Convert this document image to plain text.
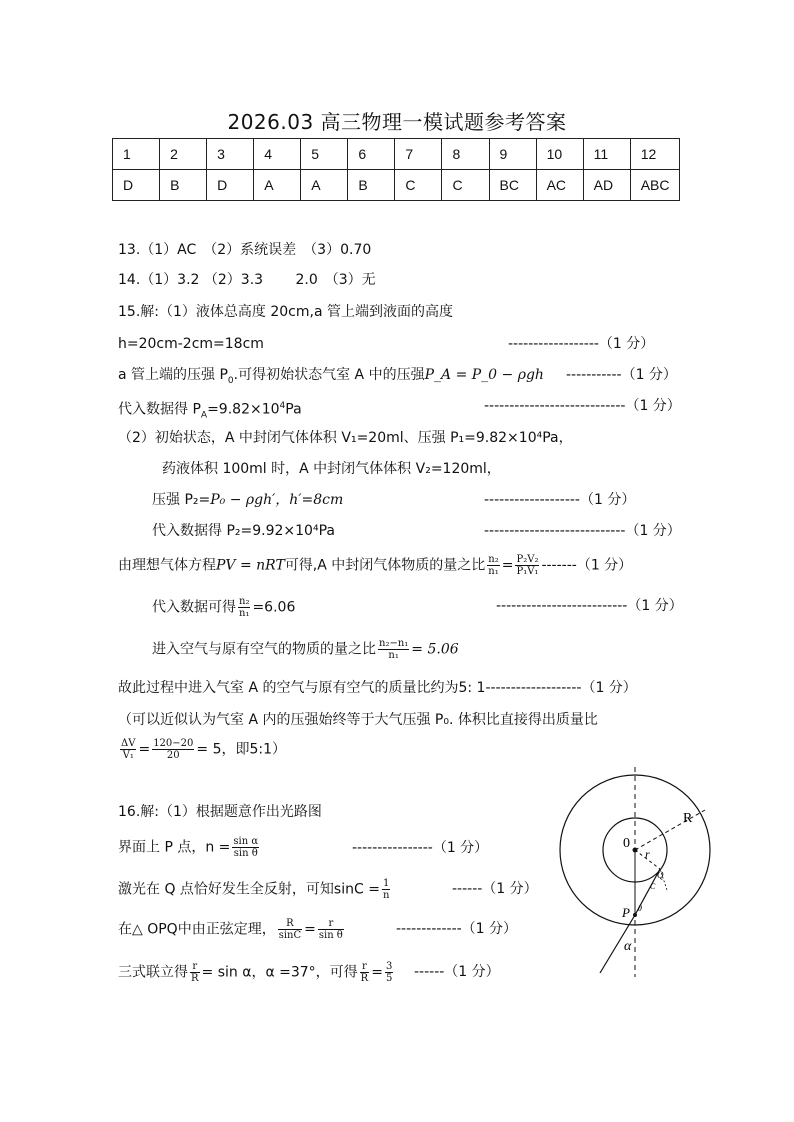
2026.03 高三物理一模试题参考答案
1	2	3	4	5	6	7	8	9	10	11	12
D	B	D	A	A	B	C	C	BC	AC	AD	ABC
13.（1）AC　（2）系统误差　（3）0.70
14.（1）3.2 （2）3.3　　 2.0　（3）无
15.解:（1）液体总高度 20cm,a 管上端到液面的高度
h=20cm-2cm=18cm	------------------（1 分）
a 管上端的压强 $P_0$.可得初始状态气室 A 中的压强P_A = P_0 − ρgh -----------（1 分）
代入数据得 $P_A=9.82\times 10^4Pa$	----------------------------（1 分）
（2）初始状态，A 中封闭气体体积 V₁=20ml、压强 P₁=9.82×10⁴Pa，
药液体积 100ml 时，A 中封闭气体体积 V₂=120ml，
压强 P₂=P₀ − ρgh′，h′=8cm	-------------------（1 分）
代入数据得 P₂=9.92×10⁴Pa	----------------------------（1 分）
由理想气体方程PV = nRT可得,A 中封闭气体物质的量之比 $\frac{\text{n₂}}{\text{n₁}} = \frac{\text{P₂V₂}}{\text{P₁V₁}} -------(1$ 分）
代入数据可得 $\frac{\text{n₂}}{\text{n₁}} =6.06$	--------------------------（1 分）
进入空气与原有空气的物质的量之比 $\frac{\text{n₂−n₁}}{\text{n₁}} = 5.06$
故此过程中进入气室 A 的空气与原有空气的质量比约为5: 1-------------------（1 分）
（可以近似认为气室 A 内的压强始终等于大气压强 P₀. 体积比直接得出质量比
$\frac{\Delta V}{\text{V₁}} = \frac{120-20}{20} = 5$，即5:1）
16.解:（1）根据题意作出光路图
界面上 P 点，$n = \frac{\text{sin α}}{\text{sin θ}}$	----------------（1 分）
激光在 Q 点恰好发生全反射，可知$\sin C = \frac{1}{n}$	------（1 分）
在△ OPQ中由正弦定理， $\frac{R}{\sin C} = \frac{r}{\text{sin θ}}$	-------------（1 分）
三式联立得 $\frac{r}{R} = \sin \alpha$，α =37°，可得 $\frac{r}{R} = \frac{3}{5} ------(1$ 分）
R
0
r
Q
C
P θ
α
